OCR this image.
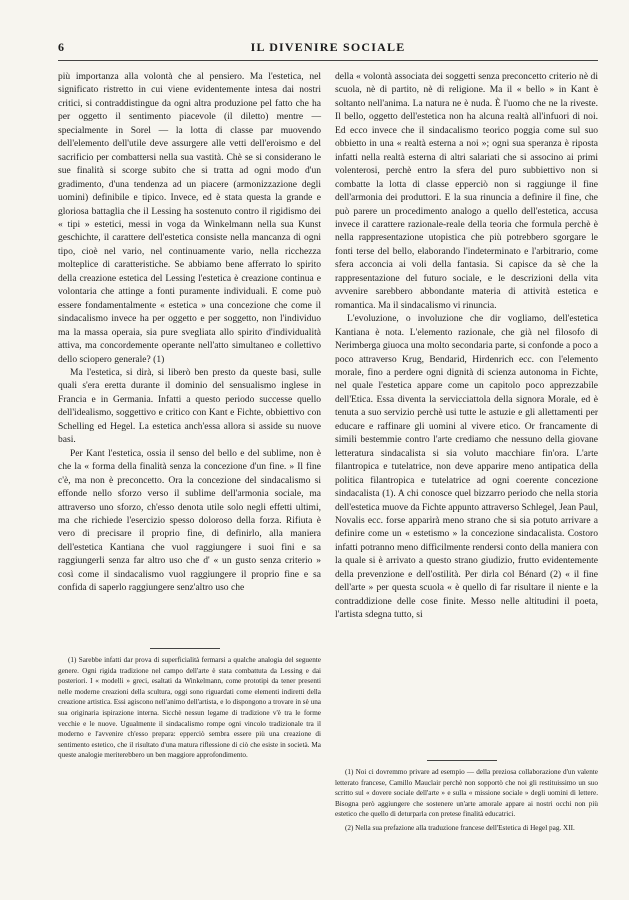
6	IL DIVENIRE SOCIALE

più importanza alla volontà che al pensiero. Ma l'estetica, nel significato ristretto in cui viene evidentemente intesa dai nostri critici, si contraddistingue da ogni altra produzione pel fatto che ha per oggetto il sentimento piacevole (il diletto) mentre — specialmente in Sorel — la lotta di classe par muovendo dell'elemento dell'utile deve assurgere alle vetti dell'eroismo e del sacrificio per combattersi nella sua vastità. Chè se si considerano le sue finalità si scorge subito che si tratta ad ogni modo d'un gradimento, d'una tendenza ad un piacere (armonizzazione degli uomini) definibile e tipico. Invece, ed è stata questa la grande e gloriosa battaglia che il Lessing ha sostenuto contro il rigidismo dei « tipi » estetici, messi in voga da Winkelmann nella sua Kunst geschichte, il carattere dell'estetica consiste nella mancanza di ogni tipo, cioè nel vario, nel continuamente vario, nella ricchezza molteplice di caratteristiche. Se abbiamo bene afferrato lo spirito della creazione estetica del Lessing l'estetica è creazione continua e volontaria che attinge a fonti puramente individuali. E come può essere fondamentalmente « estetica » una concezione che come il sindacalismo invece ha per oggetto e per soggetto, non l'individuo ma la massa operaia, sia pure svegliata allo spirito d'individualità attiva, ma concordemente operante nell'atto simultaneo e collettivo dello sciopero generale? (1)

Ma l'estetica, si dirà, si liberò ben presto da queste basi, sulle quali s'era eretta durante il dominio del sensualismo inglese in Francia e in Germania. Infatti a questo periodo successe quello dell'idealismo, soggettivo e critico con Kant e Fichte, obbiettivo con Schelling ed Hegel. La estetica anch'essa allora si asside su nuove basi.

Per Kant l'estetica, ossia il senso del bello e del sublime, non è che la « forma della finalità senza la concezione d'un fine. » Il fine c'è, ma non è preconcetto. Ora la concezione del sindacalismo si effonde nello sforzo verso il sublime dell'armonia sociale, ma attraverso uno sforzo, ch'esso denota utile solo negli effetti ultimi, ma che richiede l'esercizio spesso doloroso della forza. Rifiuta è vero di precisare il proprio fine, di definirlo, alla maniera dell'estetica Kantiana che vuol raggiungere i suoi fini e sa raggiungerli senza far altro uso che d' « un gusto senza criterio » così come il sindacalismo vuol raggiungere il proprio fine e sa confida di saperlo raggiungere senz'altro uso che

della « volontà associata dei soggetti senza preconcetto criterio nè di scuola, nè di partito, nè di religione. Ma il « bello » in Kant è soltanto nell'anima. La natura ne è nuda. È l'uomo che ne la riveste. Il bello, oggetto dell'estetica non ha alcuna realtà all'infuori di noi. Ed ecco invece che il sindacalismo teorico poggia come sul suo obbietto in una « realtà esterna a noi »; ogni sua speranza è riposta infatti nella realtà esterna di altri salariati che si associno ai primi volenterosi, perchè entro la sfera del puro subbiettivo non si combatte la lotta di classe epperciò non si raggiunge il fine dell'armonia dei produttori. E la sua rinuncia a definire il fine, che può parere un procedimento analogo a quello dell'estetica, accusa invece il carattere razionale-reale della teoria che formula perchè è nella rappresentazione utopistica che più potrebbero sgorgare le fonti terse del bello, elaborando l'indeterminato e l'arbitrario, come sfera acconcia ai voli della fantasia. Si capisce da sè che la rappresentazione del futuro sociale, e le descrizioni della vita avvenire sarebbero abbondante materia di attività estetica e romantica. Ma il sindacalismo vi rinuncia.

L'evoluzione, o involuzione che dir vogliamo, dell'estetica Kantiana è nota. L'elemento razionale, che già nel filosofo di Nerimberga giuoca una molto secondaria parte, si confonde a poco a poco attraverso Krug, Bendarid, Hirdenrich ecc. con l'elemento morale, fino a perdere ogni dignità di scienza autonoma in Fichte, nel quale l'estetica appare come un capitolo poco apprezzabile dell'Etica. Essa diventa la servicciattola della signora Morale, ed è tenuta a suo servizio perchè usi tutte le astuzie e gli allettamenti per educare e raffinare gli uomini al vivere etico. Or francamente di simili bestemmie contro l'arte crediamo che nessuno della giovane letteratura sindacalista si sia voluto macchiare fin'ora. L'arte filantropica e tutelatrice, non deve apparire meno antipatica della politica filantropica e tutelatrice ad ogni coerente concezione sindacalista (1). A chi conosce quel bizzarro periodo che nella storia dell'estetica muove da Fichte appunto attraverso Schlegel, Jean Paul, Novalis ecc. forse apparirà meno strano che si sia potuto arrivare a definire come un « estetismo » la concezione sindacalista. Costoro infatti potranno meno difficilmente rendersi conto della maniera con la quale si è arrivato a questo strano giudizio, frutto evidentemente della prevenzione e dell'ostilità. Per dirla col Bénard (2) « il fine dell'arte » per questa scuola « è quello di far risultare il niente e la contraddizione delle cose finite. Messo nelle altitudini il poeta, l'artista sdegna tutto, si

(1) Sarebbe infatti dar prova di superficialità fermarsi a qualche analogia del seguente genere. Ogni rigida tradizione nel campo dell'arte è stata combattuta da Lessing e dai posteriori. I « modelli » greci, esaltati da Winkelmann, come prototipi da tener presenti nelle moderne creazioni della scultura, oggi sono riguardati come elementi indiretti della creazione artistica. Essi agiscono nell'animo dell'artista, e lo dispongono a trovare in sè una sua originaria ispirazione interna. Sicchè nessun legame di tradizione v'è tra le forme vecchie e le nuove. Ugualmente il sindacalismo rompe ogni vincolo tradizionale tra il moderno e l'avvenire ch'esso prepara: epperciò sembra essere più una creazione di sentimento estetico, che il risultato d'una matura riflessione di ciò che esiste in società. Ma queste analogie meriterebbero un ben maggiore approfondimento.

(1) Noi ci dovremmo privare ad esempio — della preziosa collaborazione d'un valente letterato francese, Camillo Mauclair perchè non sopportò che noi gli restituissimo un suo scritto sul « dovere sociale dell'arte » e sulla « missione sociale » degli uomini di lettere. Bisogna però aggiungere che sostenere un'arte amorale appare ai nostri occhi non più estetico che quello di deturparla con pretese finalità educatrici.

(2) Nella sua prefazione alla traduzione francese dell'Estetica di Hegel pag. XII.
